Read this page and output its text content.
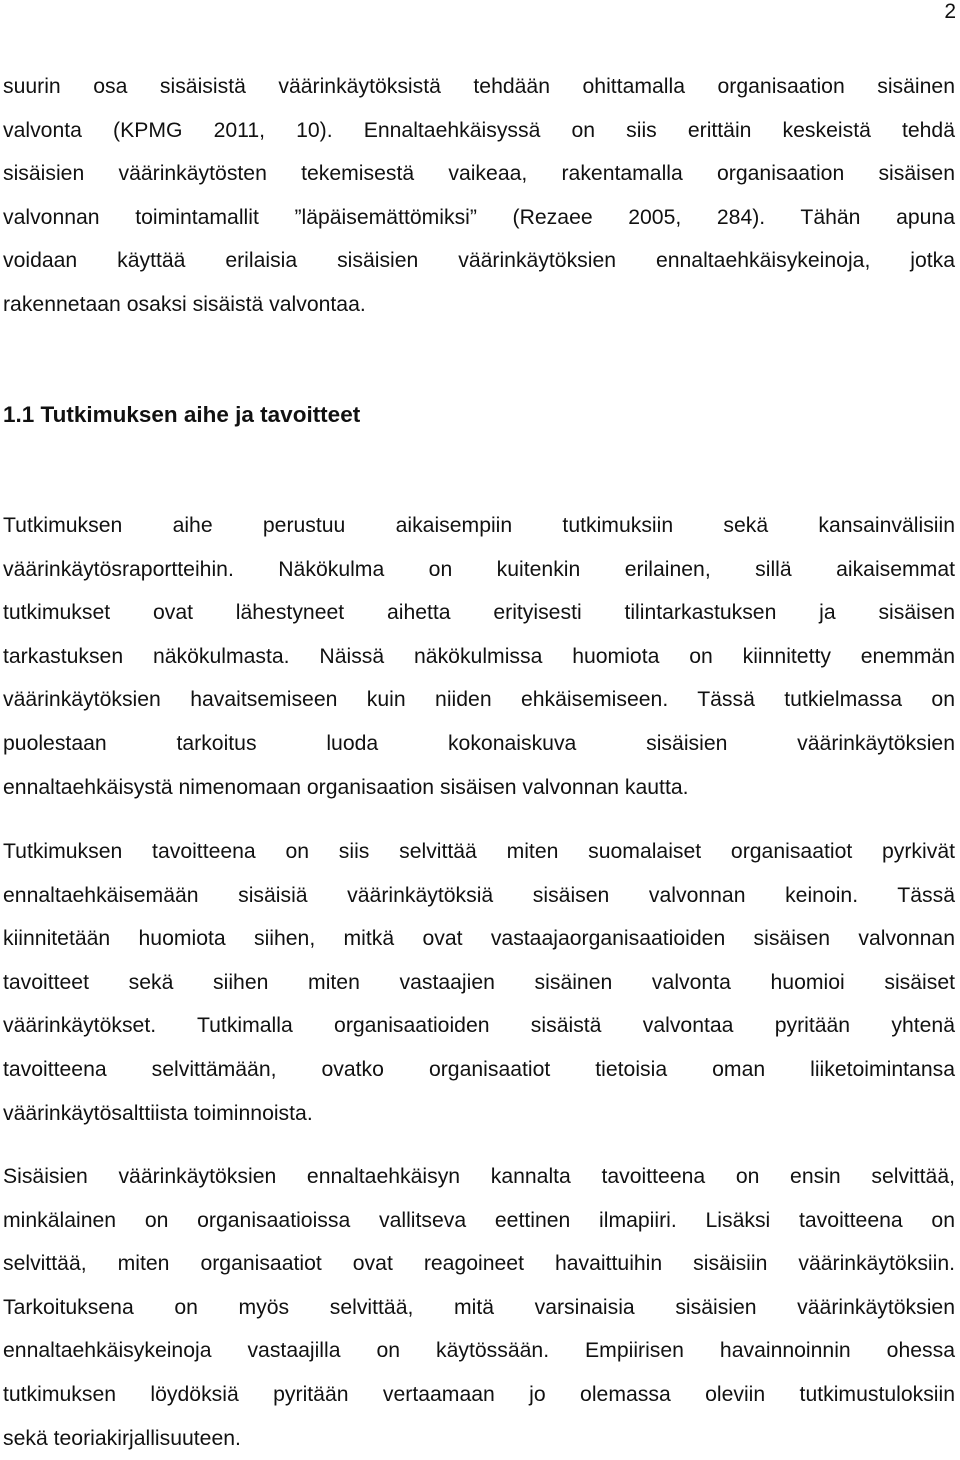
2
suurin osa sisäisistä väärinkäytöksistä tehdään ohittamalla organisaation sisäinen
valvonta (KPMG 2011, 10). Ennaltaehkäisyssä on siis erittäin keskeistä tehdä
sisäisien väärinkäytösten tekemisestä vaikeaa, rakentamalla organisaation sisäisen
valvonnan toimintamallit ”läpäisemättömiksi” (Rezaee 2005, 284). Tähän apuna
voidaan käyttää erilaisia sisäisien väärinkäytöksien ennaltaehkäisykeinoja, jotka
rakennetaan osaksi sisäistä valvontaa.
1.1 Tutkimuksen aihe ja tavoitteet
Tutkimuksen aihe perustuu aikaisempiin tutkimuksiin sekä kansainvälisiin
väärinkäytösraportteihin. Näkökulma on kuitenkin erilainen, sillä aikaisemmat
tutkimukset ovat lähestyneet aihetta erityisesti tilintarkastuksen ja sisäisen
tarkastuksen näkökulmasta. Näissä näkökulmissa huomiota on kiinnitetty enemmän
väärinkäytöksien havaitsemiseen kuin niiden ehkäisemiseen. Tässä tutkielmassa on
puolestaan tarkoitus luoda kokonaiskuva sisäisien väärinkäytöksien
ennaltaehkäisystä nimenomaan organisaation sisäisen valvonnan kautta.
Tutkimuksen tavoitteena on siis selvittää miten suomalaiset organisaatiot pyrkivät
ennaltaehkäisemään sisäisiä väärinkäytöksiä sisäisen valvonnan keinoin. Tässä
kiinnitetään huomiota siihen, mitkä ovat vastaajaorganisaatioiden sisäisen valvonnan
tavoitteet sekä siihen miten vastaajien sisäinen valvonta huomioi sisäiset
väärinkäytökset. Tutkimalla organisaatioiden sisäistä valvontaa pyritään yhtenä
tavoitteena selvittämään, ovatko organisaatiot tietoisia oman liiketoimintansa
väärinkäytösalttiista toiminnoista.
Sisäisien väärinkäytöksien ennaltaehkäisyn kannalta tavoitteena on ensin selvittää,
minkälainen on organisaatioissa vallitseva eettinen ilmapiiri. Lisäksi tavoitteena on
selvittää, miten organisaatiot ovat reagoineet havaittuihin sisäisiin väärinkäytöksiin.
Tarkoituksena on myös selvittää, mitä varsinaisia sisäisien väärinkäytöksien
ennaltaehkäisykeinoja vastaajilla on käytössään. Empiirisen havainnoinnin ohessa
tutkimuksen löydöksiä pyritään vertaamaan jo olemassa oleviin tutkimustuloksiin
sekä teoriakirjallisuuteen.
